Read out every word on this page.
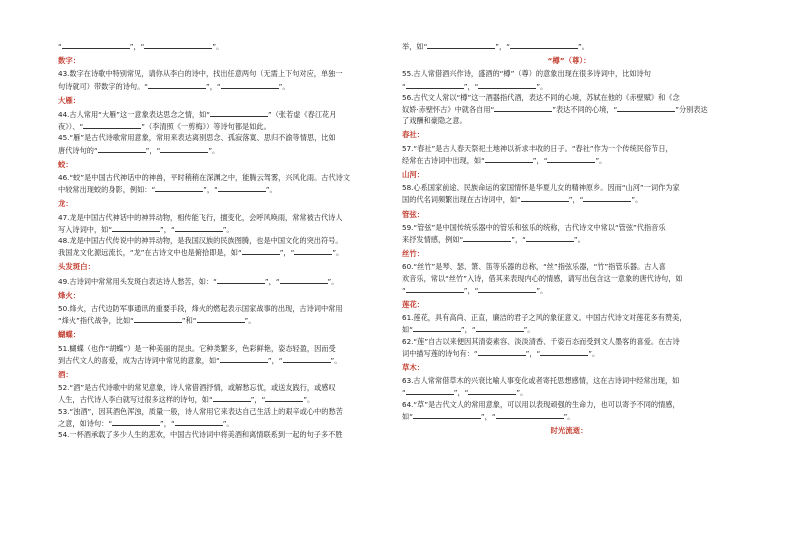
“	”，“	”。
数字：
43.数字在诗歌中特别常见，请你从李白的诗中，找出任意两句（无需上下句对应，单独一
句诗就可）带数字的诗句。“	”，“	”。
大雁：
44.古人常用“大雁”这一意象表达思念之情，如“	”（张若虚《春江花月
夜》）、“	”（李清照《一剪梅》）等诗句都是如此。
45.“雁”是古代诗歌常用意象，常用来表达离别思念、孤寂落寞、思归不渝等情思，比如
唐代诗句的“	”，“	”。
蛟：
46.“蛟”是中国古代神话中的神兽，平时稍稍在深渊之中，能腾云驾雾，兴风化雨。古代诗文
中较常出现蛟的身影，例如：“	”，“	”。
龙：
47.龙是中国古代神话中的神异动物，相传能飞行，擅变化，会呼风唤雨，常常被古代诗人
写入诗词中，如“	”，“	”。
48.龙是中国古代传说中的神异动物，是我国汉族的民族图腾，也是中国文化的突出符号。
我国龙文化源远流长，“龙”在古诗文中也是俯拾即是，如“	”，“	”。
头发斑白：
49.古诗词中常常用头发斑白表达诗人愁苦，如：“	”，“	”。
烽火：
50.烽火，古代边防军事通讯的重要手段，烽火的燃起表示国家战事的出现，古诗词中常用
“烽火”指代战争，比如“	”和“	”。
蝴蝶：
51.蝴蝶（也作“胡蝶”）是一种美丽的昆虫。它种类繁多，色彩鲜艳，姿态轻盈，因而受
到古代文人的喜爱，成为古诗词中常见的意象，如“	”，“	”。
酒：
52.“酒”是古代诗歌中的常见意象，诗人常借酒抒情，或解愁忘忧，或送友践行，或感叹
人生，古代诗人李白就写过很多这样的诗句，如“	”，“	”。
53.“浊酒”，因其酒色浑浊，质量一般，诗人常用它来表达自己生活上的艰辛或心中的愁苦
之意，如诗句：“	”，“	”。
54.一杯酒承载了多少人生的悲欢，中国古代诗词中将美酒和离情联系到一起的句子多不胜
举，如“	”，“	”。
“樽”（尊）：
55.古人常借酒兴作诗，盛酒的“樽”（尊）的意象出现在很多诗词中，比如诗句
“	”，“	”。
56.古代文人常以“樽”这一酒器指代酒，表达不同的心境，苏轼在他的《赤壁赋》和《念
奴娇·赤壁怀古》中就各自用“	”表达不同的心境，“	”分别表达
了戏酬和豪隐之意。
春社：
57.“春社”是古人春天祭祀土地神以祈求丰收的日子。“春社”作为一个传统民俗节日，
经常在古诗词中出现，如“	”，“	”。
山河：
58.心系国家前途、民族命运的家国情怀是华夏儿女的精神原乡。因而“山河”一词作为家
国的代名词频繁出现在古诗词中，如“	”，“	”。
管弦：
59.“管弦”是中国传统乐器中的管乐和弦乐的统称，古代诗文中常以“管弦”代指音乐
来抒发情感，例如“	”，“	”。
丝竹：
60.“丝竹”是琴、瑟、箫、笛等乐器的总称，“丝”指弦乐器，“竹”指管乐器。古人喜
欢音乐，常以“丝竹”入诗，借其来表现内心的情感，请写出包含这一意象的唐代诗句，如
“	”，“	”。
莲花：
61.莲花，具有高尚、正直，廉洁的君子之风的象征意义。中国古代诗文对莲花多有赞美，
如“	”，“	”。
62.“莲”自古以来便因其清姿素容、淡淡清香、千姿百态而受到文人墨客的喜爱。在古诗
词中描写莲的诗句有：“	”，“	”。
草木：
63.古人常常借草木的兴衰比喻人事变化或者寄托思想感情，这在古诗词中经常出现，如
“	”，“	”。
64.“草”是古代文人的常用意象，可以用以表现顽强的生命力，也可以寄予不同的情感，
如“	”，“	”。
时光流逝：
